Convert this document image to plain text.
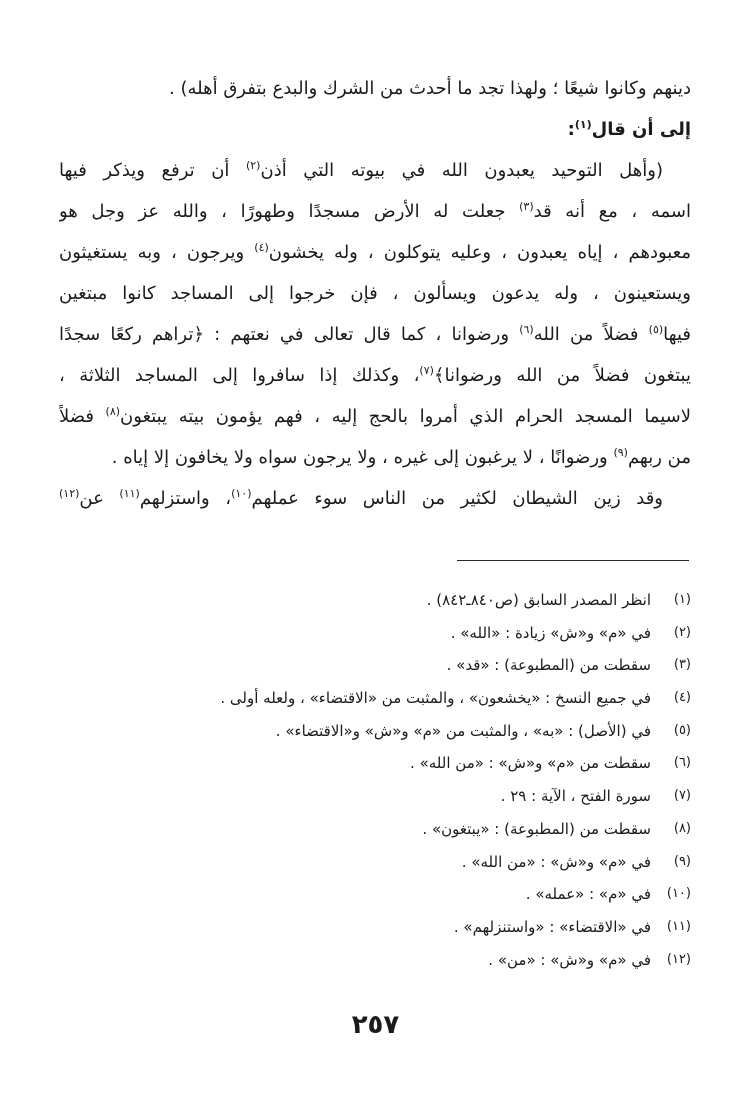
دينهم وكانوا شيعًا ؛ ولهذا تجد ما أحدث من الشرك والبدع بتفرق أهله) .
إلى أن قال$^{(١)}$:
(وأهل التوحيد يعبدون الله في بيوته التي أذن$^{(٢)}$ أن ترفع ويذكر فيها
اسمه ، مع أنه قد$^{(٣)}$ جعلت له الأرض مسجدًا وطهورًا ، والله عز وجل هو
معبودهم ، إياه يعبدون ، وعليه يتوكلون ، وله يخشون$^{(٤)}$ ويرجون ، وبه يستغيثون
ويستعينون ، وله يدعون ويسألون ، فإن خرجوا إلى المساجد كانوا مبتغين
فيها$^{(٥)}$ فضلاً من الله$^{(٦)}$ ورضوانا ، كما قال تعالى في نعتهم : ﴿تراهم ركعًا سجدًا
يبتغون فضلاً من الله ورضوانا﴾$^{(٧)}$، وكذلك إذا سافروا إلى المساجد الثلاثة ،
لاسيما المسجد الحرام الذي أمروا بالحج إليه ، فهم يؤمون بيته يبتغون$^{(٨)}$ فضلاً
من ربهم$^{(٩)}$ ورضوانًا ، لا يرغبون إلى غيره ، ولا يرجون سواه ولا يخافون إلا إياه .
وقد زين الشيطان لكثير من الناس سوء عملهم$^{(١٠)}$، واستزلهم$^{(١١)}$ عن$^{(١٢)}$
(١)
انظر المصدر السابق (ص٨٤٠ـ٨٤٢) .
(٢)
في «م» و«ش» زيادة : «الله» .
(٣)
سقطت من (المطبوعة) : «قد» .
(٤)
في جميع النسخ : «يخشعون» ، والمثبت من «الاقتضاء» ، ولعله أولى .
(٥)
في (الأصل) : «به» ، والمثبت من «م» و«ش» و«الاقتضاء» .
(٦)
سقطت من «م» و«ش» : «من الله» .
(٧)
سورة الفتح ، الآية : ٢٩ .
(٨)
سقطت من (المطبوعة) : «يبتغون» .
(٩)
في «م» و«ش» : «من الله» .
(١٠)
في «م» : «عمله» .
(١١)
في «الاقتضاء» : «واستنزلهم» .
(١٢)
في «م» و«ش» : «من» .
٢٥٧
